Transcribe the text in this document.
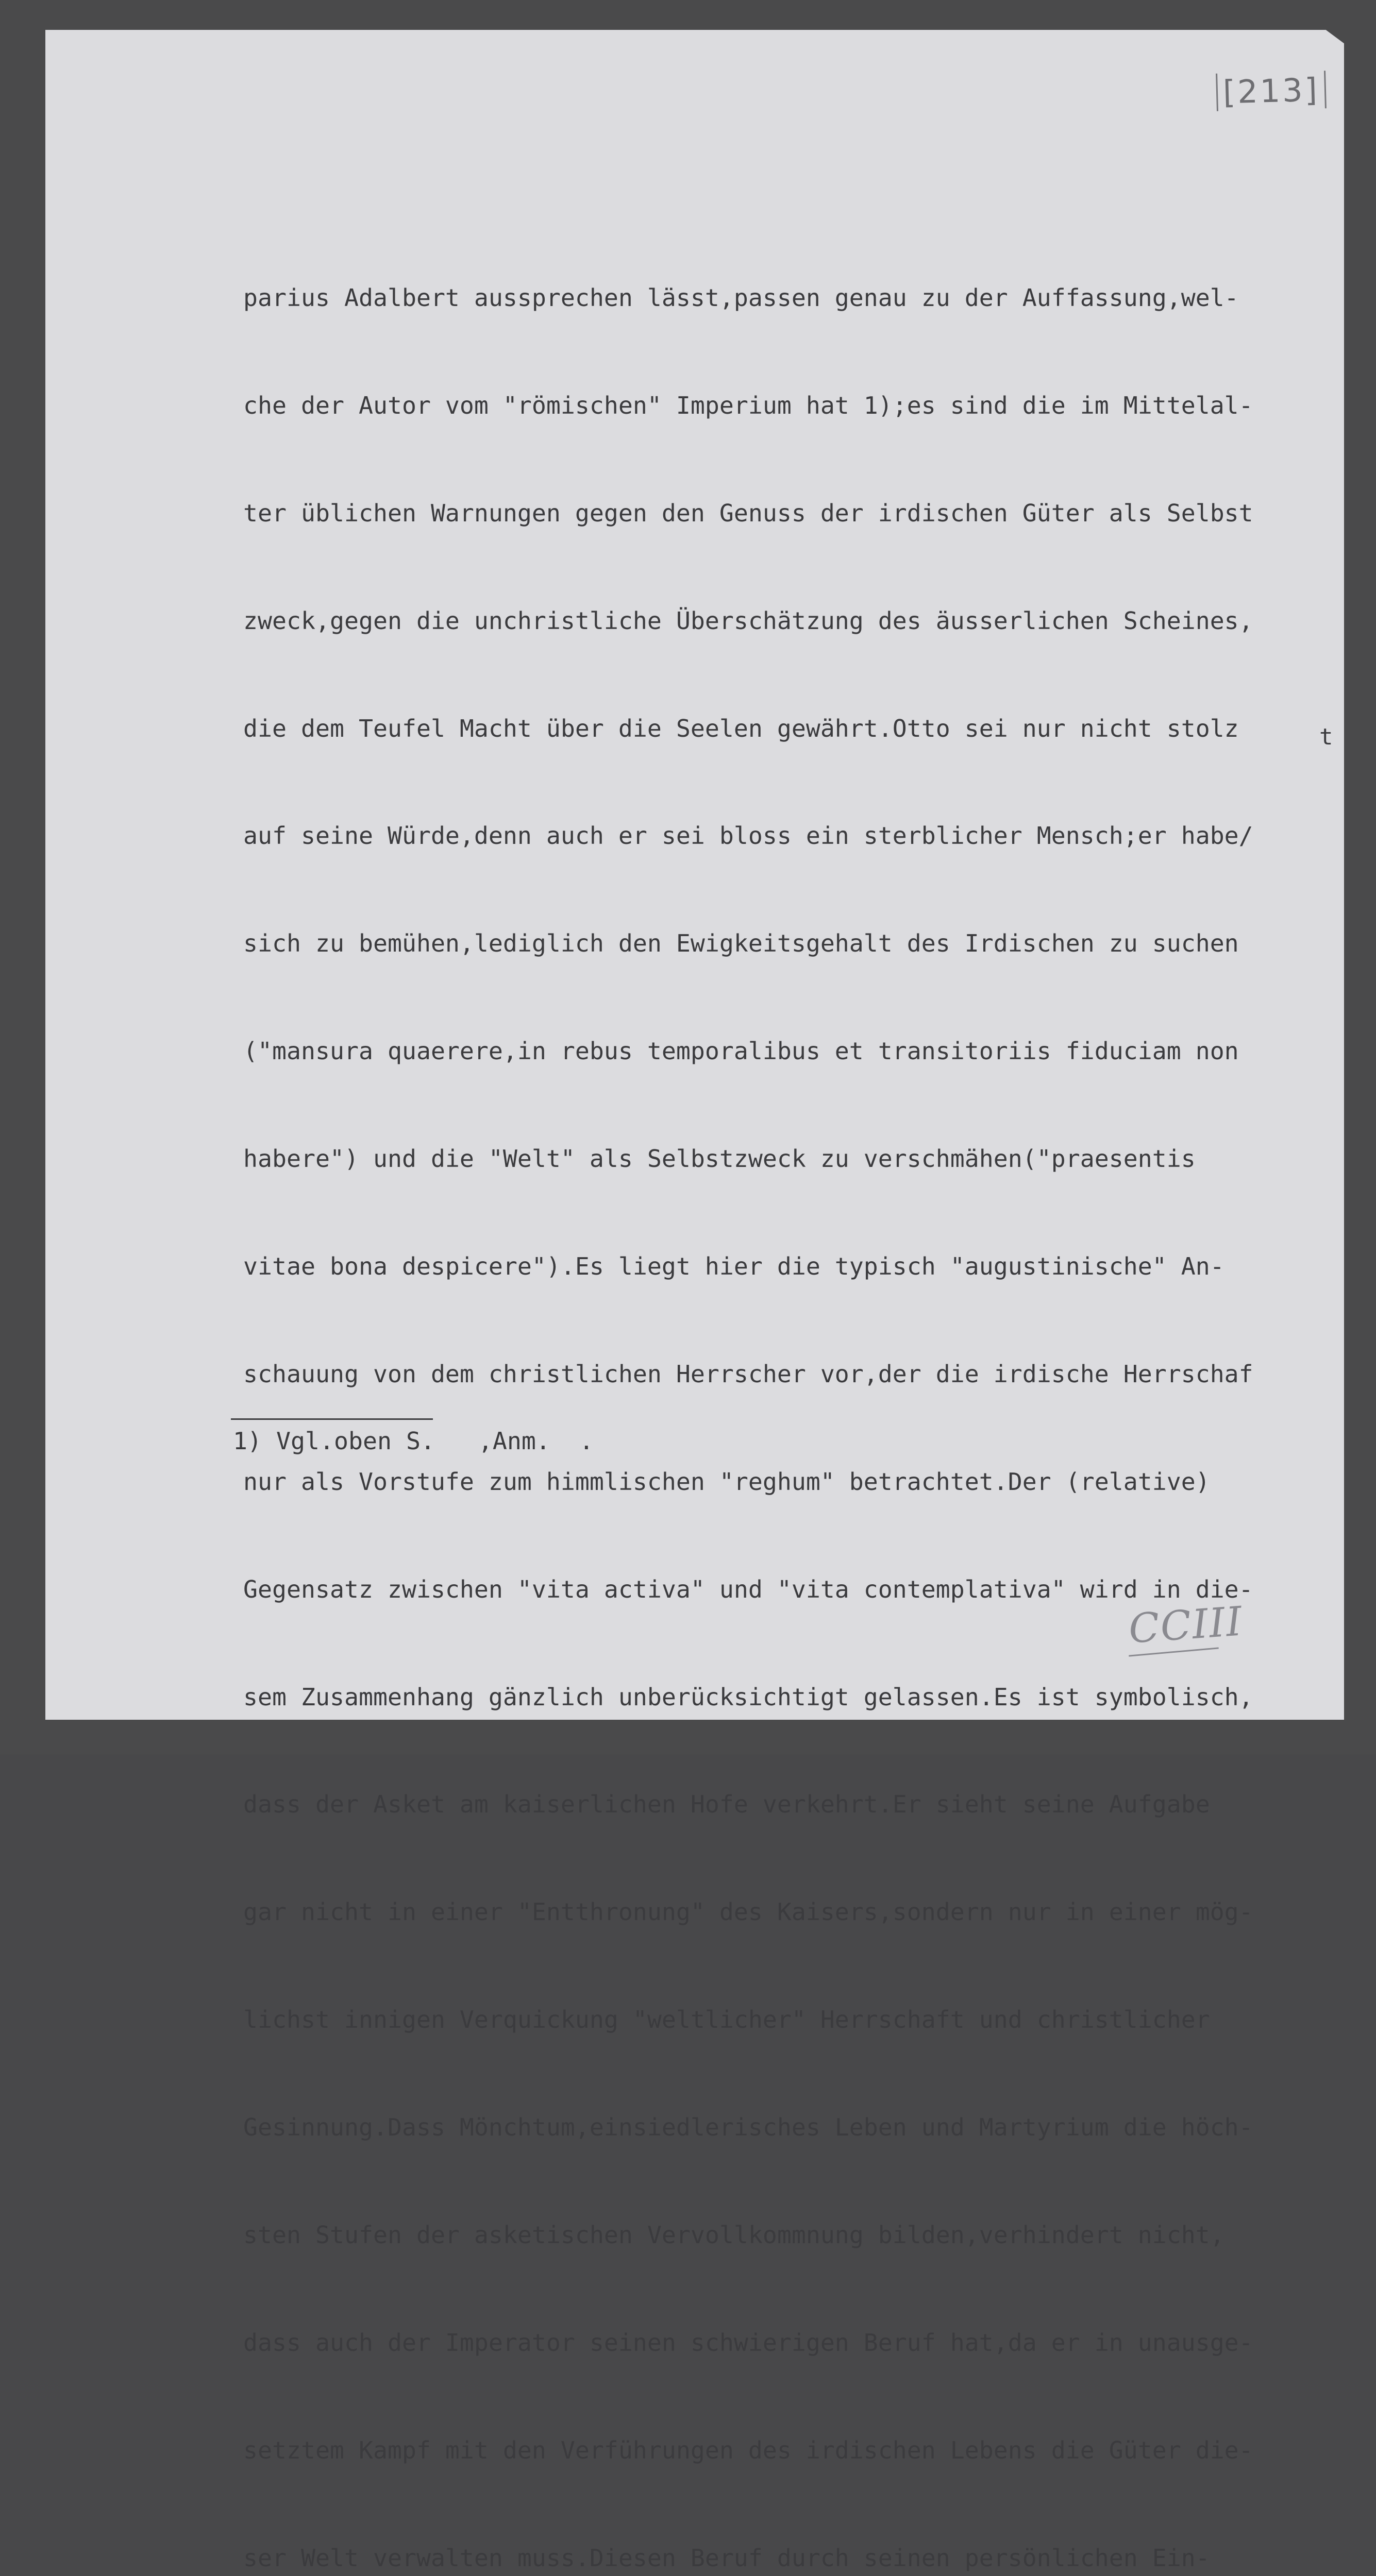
[213]

parius Adalbert aussprechen lässt,passen genau zu der Auffassung,wel-

che der Autor vom "römischen" Imperium hat 1);es sind die im Mittelal-

ter üblichen Warnungen gegen den Genuss der irdischen Güter als Selbst

zweck,gegen die unchristliche Überschätzung des äusserlichen Scheines,

die dem Teufel Macht über die Seelen gewährt.Otto sei nur nicht stolz

auf seine Würde,denn auch er sei bloss ein sterblicher Mensch;er habe/

sich zu bemühen,lediglich den Ewigkeitsgehalt des Irdischen zu suchen

("mansura quaerere,in rebus temporalibus et transitoriis fiduciam non

habere") und die "Welt" als Selbstzweck zu verschmähen("praesentis

vitae bona despicere").Es liegt hier die typisch "augustinische" An-

schauung von dem christlichen Herrscher vor,der die irdische Herrschaf

nur als Vorstufe zum himmlischen "reghum" betrachtet.Der (relative)

Gegensatz zwischen "vita activa" und "vita contemplativa" wird in die-

sem Zusammenhang gänzlich unberücksichtigt gelassen.Es ist symbolisch,

dass der Asket am kaiserlichen Hofe verkehrt.Er sieht seine Aufgabe

gar nicht in einer "Entthronung" des Kaisers,sondern nur in einer mög-

lichst innigen Verquickung "weltlicher" Herrschaft und christlicher

Gesinnung.Dass Mönchtum,einsiedlerisches Leben und Martyrium die höch-

sten Stufen der asketischen Vervollkommnung bilden,verhindert nicht,

dass auch der Imperator seinen schwierigen Beruf hat,da er in unausge-

setztem Kampf mit den Verführungen des irdischen Lebens die Güter die-

ser Welt verwalten muss.Diesen Beruf durch seinen persönlichen Ein-

t
1) Vgl.oben S.   ,Anm.  .
CCIII
